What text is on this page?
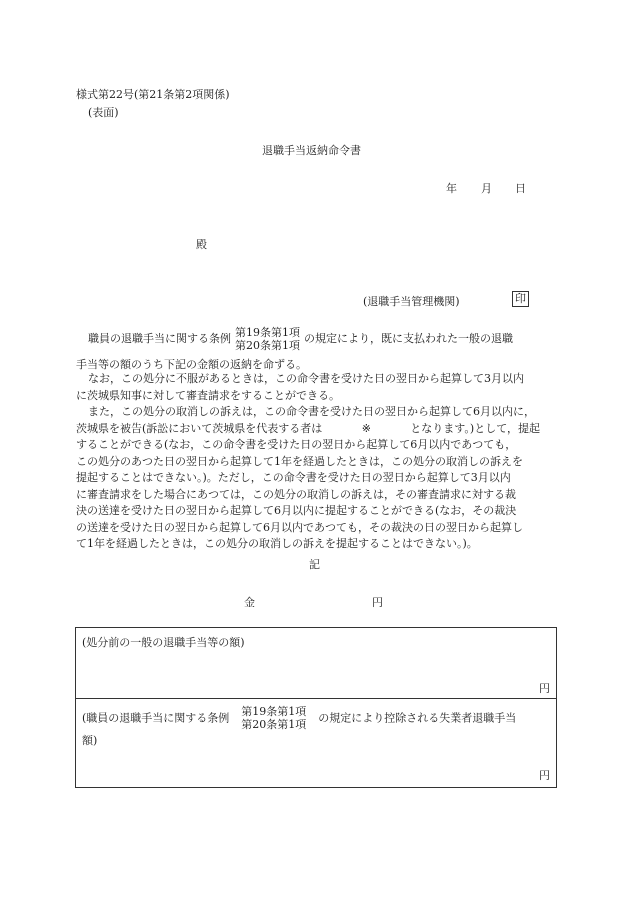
様式第22号(第21条第2項関係)
(表面)
退職手当返納命令書
年 月 日
殿
(退職手当管理機関)	印
職員の退職手当に関する条例 第19条第1項
第20条第1項
の規定により，既に支払われた一般の退職
手当等の額のうち下記の金額の返納を命ずる。
なお，この処分に不服があるときは，この命令書を受けた日の翌日から起算して3月以内
に茨城県知事に対して審査請求をすることができる。
また，この処分の取消しの訴えは，この命令書を受けた日の翌日から起算して6月以内に，
茨城県を被告(訴訟において茨城県を代表する者は	※	となります。)として，提起
することができる(なお，この命令書を受けた日の翌日から起算して6月以内であつても，
この処分のあつた日の翌日から起算して1年を経過したときは，この処分の取消しの訴えを
提起することはできない。)。ただし，この命令書を受けた日の翌日から起算して3月以内
に審査請求をした場合にあつては，この処分の取消しの訴えは，その審査請求に対する裁
決の送達を受けた日の翌日から起算して6月以内に提起することができる(なお，その裁決
の送達を受けた日の翌日から起算して6月以内であつても，その裁決の日の翌日から起算し
て1年を経過したときは，この処分の取消しの訴えを提起することはできない。)。
記
金	円
(処分前の一般の退職手当等の額)
円
(職員の退職手当に関する条例 第19条第1項
第20条第1項 の規定により控除される失業者退職手当
額)
円
